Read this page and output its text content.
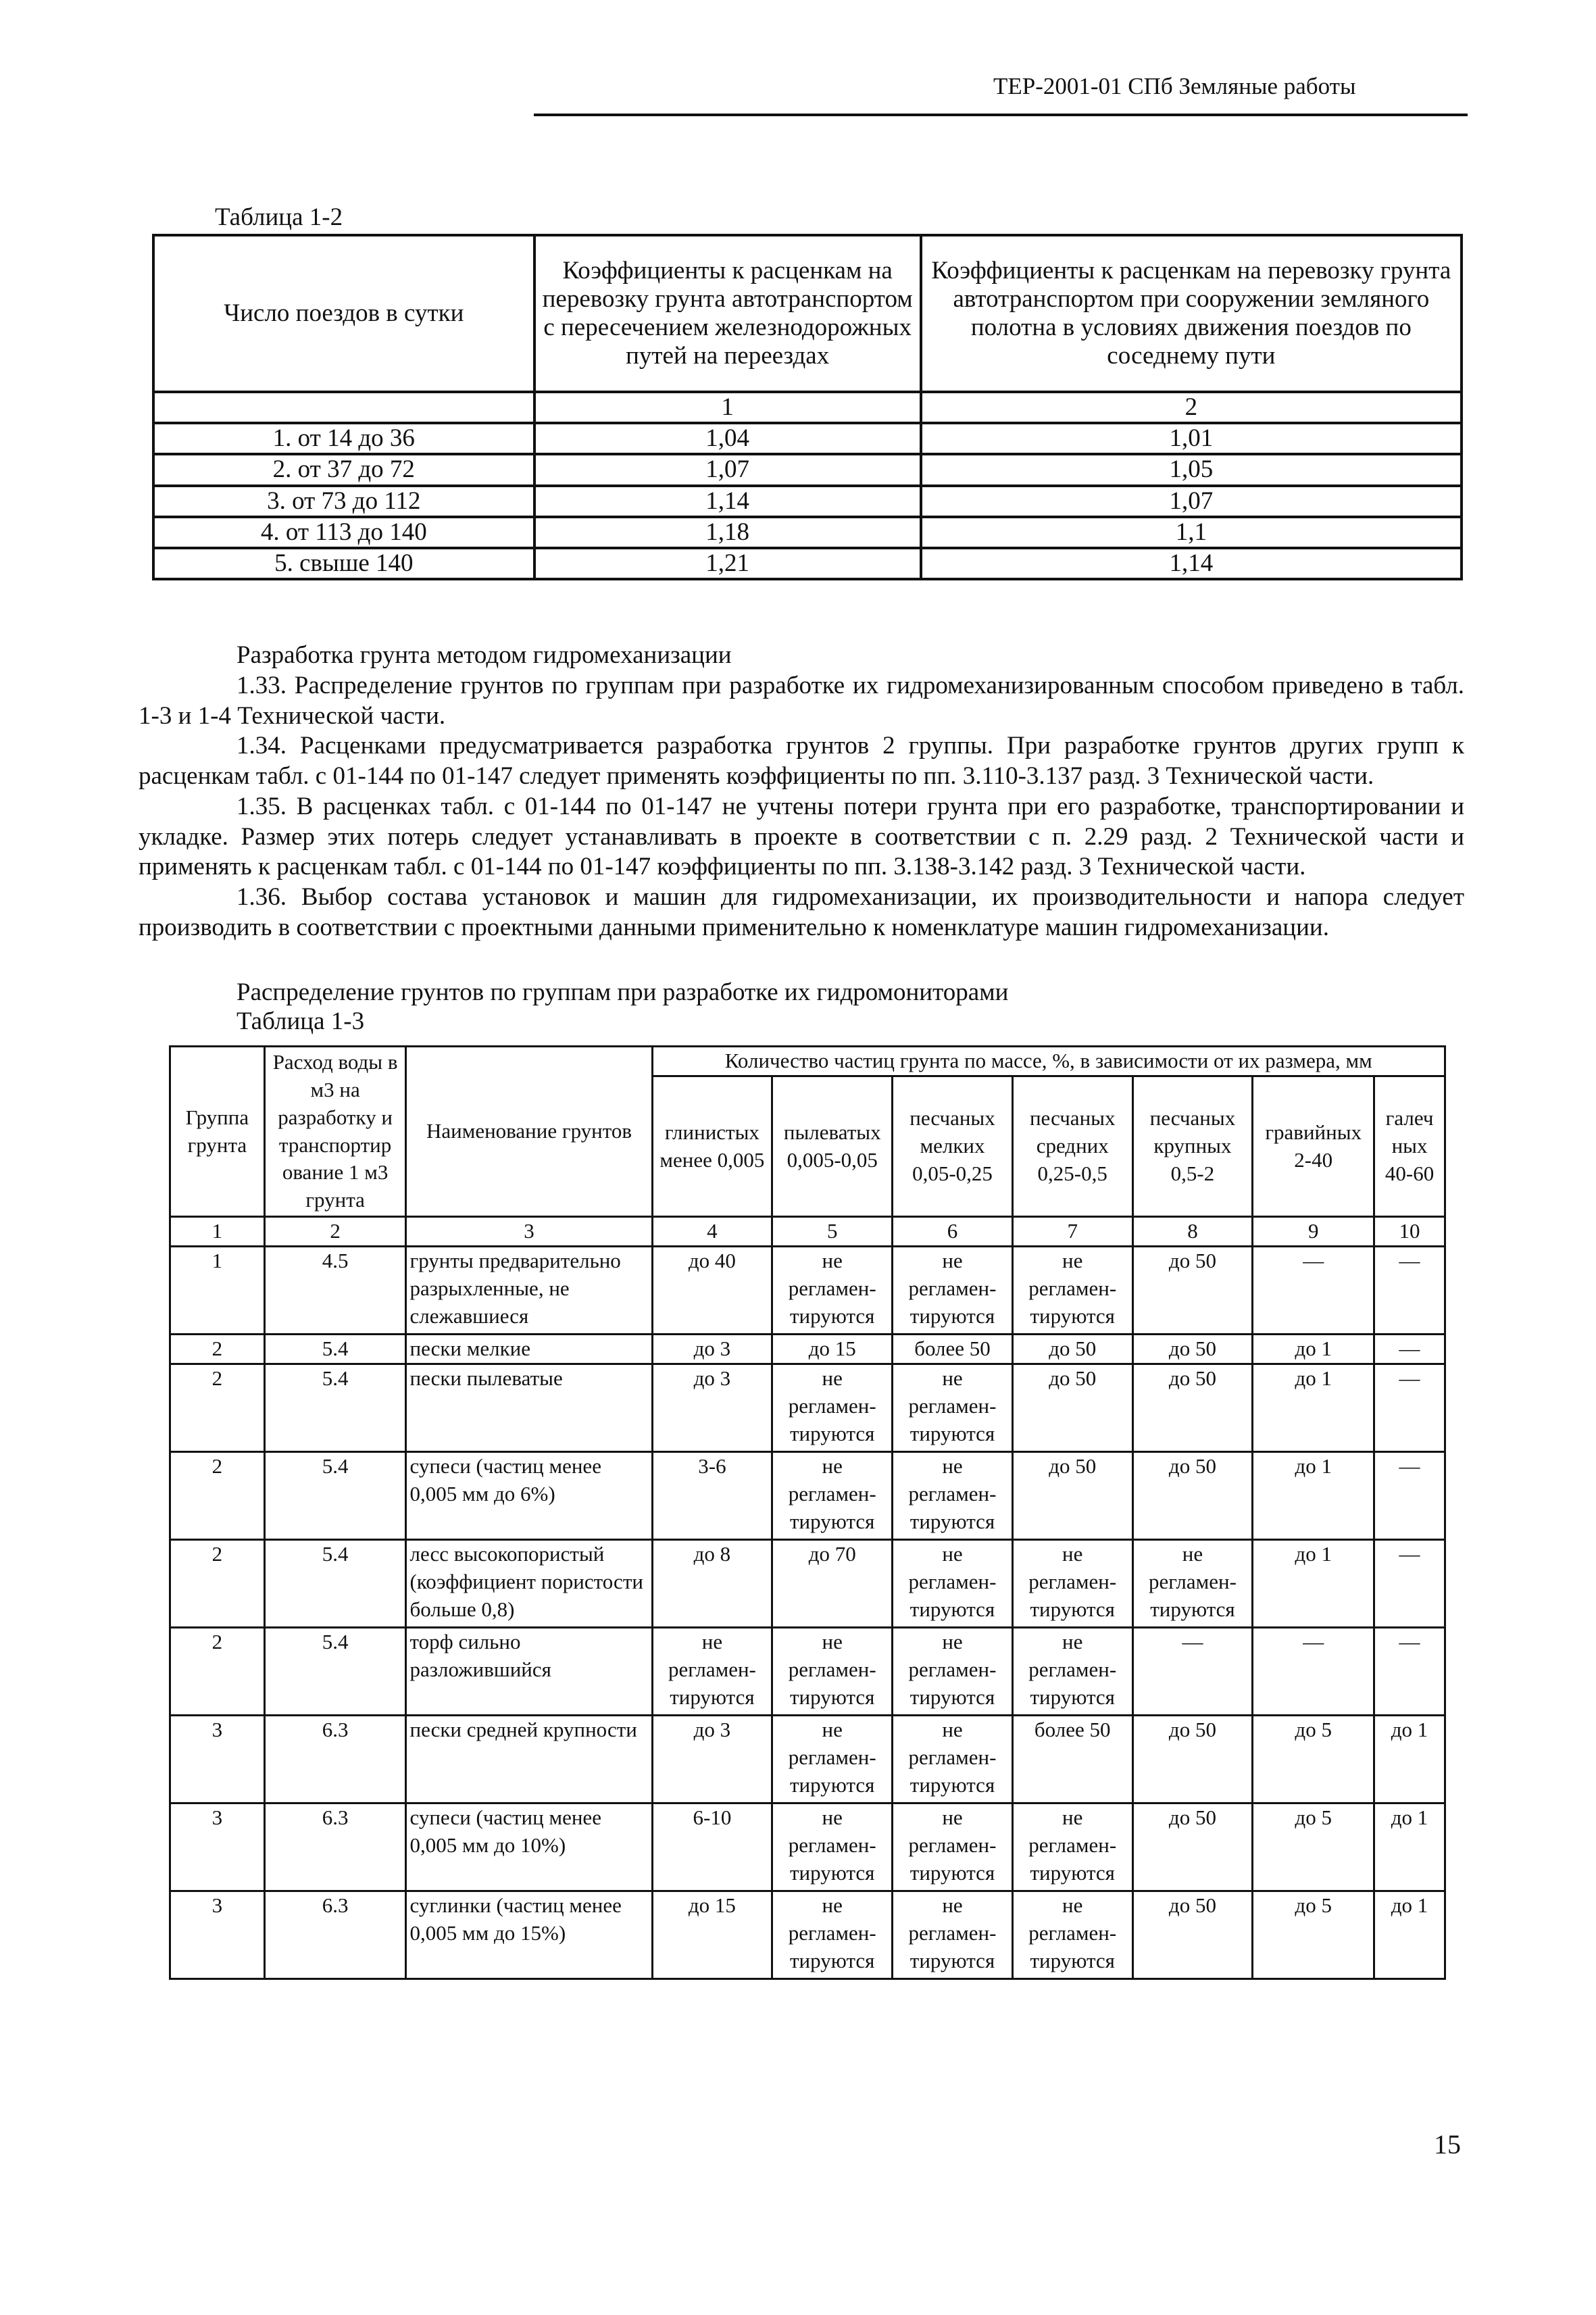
ТЕР-2001-01 СПб Земляные работы
Таблица 1-2
Число поездов в сутки	Коэффициенты к расценкам на перевозку грунта автотранспортом с пересечением железнодорожных путей на переездах	Коэффициенты к расценкам на перевозку грунта автотранспортом при сооружении земляного полотна в условиях движения поездов по соседнему пути
	1	2
1. от 14 до 36	1,04	1,01
2. от 37 до 72	1,07	1,05
3. от 73 до 112	1,14	1,07
4. от 113 до 140	1,18	1,1
5. свыше 140	1,21	1,14

Разработка грунта методом гидромеханизации

1.33. Распределение грунтов по группам при разработке их гидромеханизированным способом приведено в табл. 1-3 и 1-4 Технической части.

1.34. Расценками предусматривается разработка грунтов 2 группы. При разработке грунтов других групп к расценкам табл. с 01-144 по 01-147 следует применять коэффициенты по пп. 3.110-3.137 разд. 3 Технической части.

1.35. В расценках табл. с 01-144 по 01-147 не учтены потери грунта при его разработке, транспортировании и укладке. Размер этих потерь следует устанавливать в проекте в соответствии с п. 2.29 разд. 2 Технической части и применять к расценкам табл. с 01-144 по 01-147 коэффициенты по пп. 3.138-3.142 разд. 3 Технической части.

1.36. Выбор состава установок и машин для гидромеханизации, их производительности и напора следует производить в соответствии с проектными данными применительно к номенклатуре машин гидромеханизации.

Распределение грунтов по группам при разработке их гидромониторами
Таблица 1-3
Группа грунта	Расход воды в м3 на разработку и транспортир ование 1 м3 грунта	Наименование грунтов	Количество частиц грунта по массе, %, в зависимости от их размера, мм						
			глинистых менее 0,005	пылеватых 0,005-0,05	песчаных мелких 0,05-0,25	песчаных средних 0,25-0,5	песчаных крупных 0,5-2	гравийных 2-40	галеч ных 40-60
1	2	3	4	5	6	7	8	9	10
1	4.5	грунты предварительно разрыхленные, не слежавшиеся	до 40	не регламен-тируются	не регламен-тируются	не регламен-тируются	до 50	—	—
2	5.4	пески мелкие	до 3	до 15	более 50	до 50	до 50	до 1	—
2	5.4	пески пылеватые	до 3	не регламен-тируются	не регламен-тируются	до 50	до 50	до 1	—
2	5.4	супеси (частиц менее 0,005 мм до 6%)	3-6	не регламен-тируются	не регламен-тируются	до 50	до 50	до 1	—
2	5.4	лесс высокопористый (коэффициент пористости больше 0,8)	до 8	до 70	не регламен-тируются	не регламен-тируются	не регламен-тируются	до 1	—
2	5.4	торф сильно разложившийся	не регламен-тируются	не регламен-тируются	не регламен-тируются	не регламен-тируются	—	—	—
3	6.3	пески средней крупности	до 3	не регламен-тируются	не регламен-тируются	более 50	до 50	до 5	до 1
3	6.3	супеси (частиц менее 0,005 мм до 10%)	6-10	не регламен-тируются	не регламен-тируются	не регламен-тируются	до 50	до 5	до 1
3	6.3	суглинки (частиц менее 0,005 мм до 15%)	до 15	не регламен-тируются	не регламен-тируются	не регламен-тируются	до 50	до 5	до 1
15
